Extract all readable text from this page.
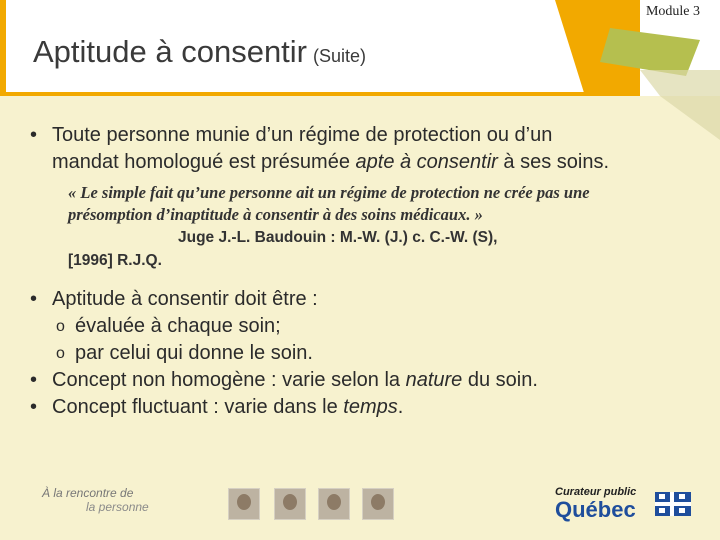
Module 3
Aptitude à consentir (Suite)

• Toute personne munie d’un régime de protection ou d’un mandat homologué est présumée apte à consentir à ses soins.

« Le simple fait qu’une personne ait un régime de protection ne crée pas une présomption d’inaptitude à consentir à des soins médicaux. »
Juge J.-L. Baudouin : M.-W. (J.) c. C.-W. (S),
[1996] R.J.Q.

• Aptitude à consentir doit être :

o évaluée à chaque soin;
o par celui qui donne le soin.

• Concept non homogène : varie selon la nature du soin.

• Concept fluctuant : varie dans le temps.

À la rencontre de
la personne
Curateur public
Québec
